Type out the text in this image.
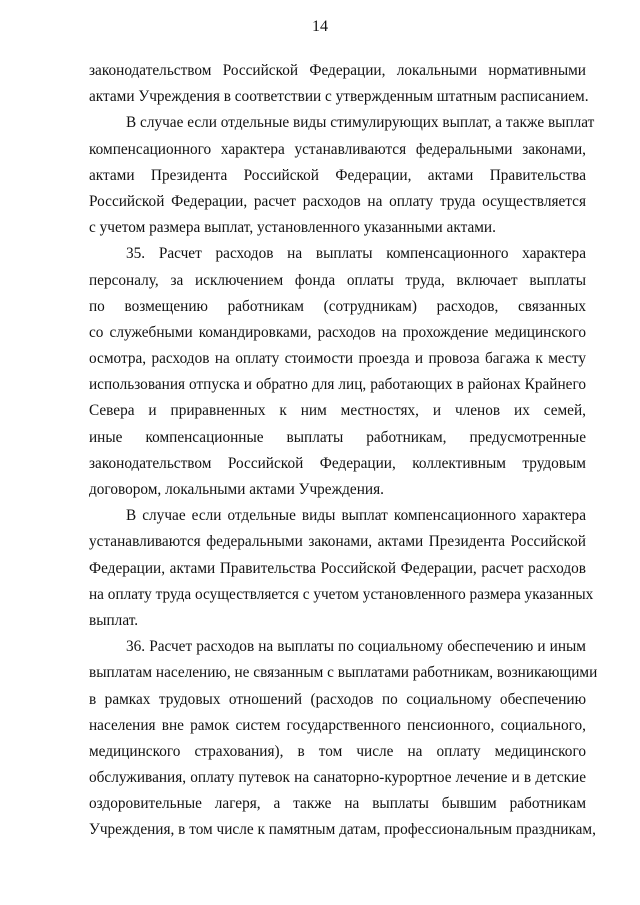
14
законодательством Российской Федерации, локальными нормативными
актами Учреждения в соответствии с утвержденным штатным расписанием.
В случае если отдельные виды стимулирующих выплат, а также выплат
компенсационного характера устанавливаются федеральными законами,
актами Президента Российской Федерации, актами Правительства
Российской Федерации, расчет расходов на оплату труда осуществляется
с учетом размера выплат, установленного указанными актами.
35. Расчет расходов на выплаты компенсационного характера
персоналу, за исключением фонда оплаты труда, включает выплаты
по возмещению работникам (сотрудникам) расходов, связанных
со служебными командировками, расходов на прохождение медицинского
осмотра, расходов на оплату стоимости проезда и провоза багажа к месту
использования отпуска и обратно для лиц, работающих в районах Крайнего
Севера и приравненных к ним местностях, и членов их семей,
иные компенсационные выплаты работникам, предусмотренные
законодательством Российской Федерации, коллективным трудовым
договором, локальными актами Учреждения.
В случае если отдельные виды выплат компенсационного характера
устанавливаются федеральными законами, актами Президента Российской
Федерации, актами Правительства Российской Федерации, расчет расходов
на оплату труда осуществляется с учетом установленного размера указанных
выплат.
36. Расчет расходов на выплаты по социальному обеспечению и иным
выплатам населению, не связанным с выплатами работникам, возникающими
в рамках трудовых отношений (расходов по социальному обеспечению
населения вне рамок систем государственного пенсионного, социального,
медицинского страхования), в том числе на оплату медицинского
обслуживания, оплату путевок на санаторно-курортное лечение и в детские
оздоровительные лагеря, а также на выплаты бывшим работникам
Учреждения, в том числе к памятным датам, профессиональным праздникам,
